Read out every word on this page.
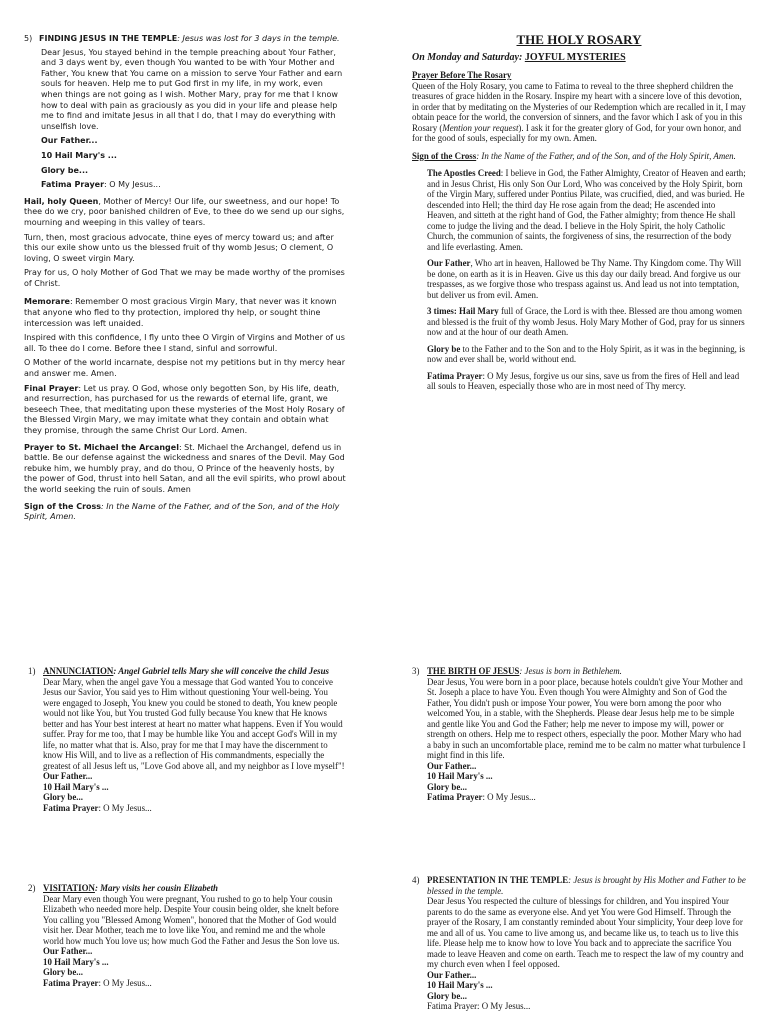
5) FINDING JESUS IN THE TEMPLE: Jesus was lost for 3 days in the temple.

Dear Jesus, You stayed behind in the temple preaching about Your Father, and 3 days went by, even though You wanted to be with Your Mother and Father, You knew that You came on a mission to serve Your Father and earn souls for heaven. Help me to put God first in my life, in my work, even when things are not going as I wish. Mother Mary, pray for me that I know how to deal with pain as graciously as you did in your life and please help me to find and imitate Jesus in all that I do, that I may do everything with unselfish love.

Our Father...

10 Hail Mary's ...

Glory be...

Fatima Prayer: O My Jesus...

Hail, holy Queen, Mother of Mercy! Our life, our sweetness, and our hope! To thee do we cry, poor banished children of Eve, to thee do we send up our sighs, mourning and weeping in this valley of tears.

Turn, then, most gracious advocate, thine eyes of mercy toward us; and after this our exile show unto us the blessed fruit of thy womb Jesus; O clement, O loving, O sweet virgin Mary.

Pray for us, O holy Mother of God That we may be made worthy of the promises of Christ.

Memorare: Remember O most gracious Virgin Mary, that never was it known that anyone who fled to thy protection, implored thy help, or sought thine intercession was left unaided.

Inspired with this confidence, I fly unto thee O Virgin of Virgins and Mother of us all. To thee do I come. Before thee I stand, sinful and sorrowful.

O Mother of the world incarnate, despise not my petitions but in thy mercy hear and answer me. Amen.

Final Prayer: Let us pray. O God, whose only begotten Son, by His life, death, and resurrection, has purchased for us the rewards of eternal life, grant, we beseech Thee, that meditating upon these mysteries of the Most Holy Rosary of the Blessed Virgin Mary, we may imitate what they contain and obtain what they promise, through the same Christ Our Lord. Amen.

Prayer to St. Michael the Arcangel: St. Michael the Archangel, defend us in battle. Be our defense against the wickedness and snares of the Devil. May God rebuke him, we humbly pray, and do thou, O Prince of the heavenly hosts, by the power of God, thrust into hell Satan, and all the evil spirits, who prowl about the world seeking the ruin of souls. Amen

Sign of the Cross: In the Name of the Father, and of the Son, and of the Holy Spirit, Amen.

THE HOLY ROSARY
On Monday and Saturday: JOYFUL MYSTERIES

Prayer Before The Rosary

Queen of the Holy Rosary, you came to Fatima to reveal to the three shepherd children the treasures of grace hidden in the Rosary. Inspire my heart with a sincere love of this devotion, in order that by meditating on the Mysteries of our Redemption which are recalled in it, I may obtain peace for the world, the conversion of sinners, and the favor which I ask of you in this Rosary (Mention your request). I ask it for the greater glory of God, for your own honor, and for the good of souls, especially for my own. Amen.

Sign of the Cross: In the Name of the Father, and of the Son, and of the Holy Spirit, Amen.

The Apostles Creed: I believe in God, the Father Almighty, Creator of Heaven and earth; and in Jesus Christ, His only Son Our Lord, Who was conceived by the Holy Spirit, born of the Virgin Mary, suffered under Pontius Pilate, was crucified, died, and was buried. He descended into Hell; the third day He rose again from the dead; He ascended into Heaven, and sitteth at the right hand of God, the Father almighty; from thence He shall come to judge the living and the dead. I believe in the Holy Spirit, the holy Catholic Church, the communion of saints, the forgiveness of sins, the resurrection of the body and life everlasting. Amen.

Our Father, Who art in heaven, Hallowed be Thy Name. Thy Kingdom come. Thy Will be done, on earth as it is in Heaven. Give us this day our daily bread. And forgive us our trespasses, as we forgive those who trespass against us. And lead us not into temptation, but deliver us from evil. Amen.

3 times: Hail Mary full of Grace, the Lord is with thee. Blessed are thou among women and blessed is the fruit of thy womb Jesus. Holy Mary Mother of God, pray for us sinners now and at the hour of our death Amen.

Glory be to the Father and to the Son and to the Holy Spirit, as it was in the beginning, is now and ever shall be, world without end.

Fatima Prayer: O My Jesus, forgive us our sins, save us from the fires of Hell and lead all souls to Heaven, especially those who are in most need of Thy mercy.

1) ANNUNCIATION: Angel Gabriel tells Mary she will conceive the child Jesus

Dear Mary, when the angel gave You a message that God wanted You to conceive Jesus our Savior, You said yes to Him without questioning Your well-being. You were engaged to Joseph, You knew you could be stoned to death, You knew people would not like You, but You trusted God fully because You knew that He knows better and has Your best interest at heart no matter what happens. Even if You would suffer. Pray for me too, that I may be humble like You and accept God's Will in my life, no matter what that is. Also, pray for me that I may have the discernment to know His Will, and to live as a reflection of His commandments, especially the greatest of all Jesus left us, "Love God above all, and my neighbor as I love myself"!

Our Father...

10 Hail Mary's ...

Glory be...

Fatima Prayer: O My Jesus...

2) VISITATION: Mary visits her cousin Elizabeth

Dear Mary even though You were pregnant, You rushed to go to help Your cousin Elizabeth who needed more help. Despite Your cousin being older, she knelt before You calling you "Blessed Among Women", honored that the Mother of God would visit her. Dear Mother, teach me to love like You, and remind me and the whole world how much You love us; how much God the Father and Jesus the Son love us.

Our Father...

10 Hail Mary's ...

Glory be...

Fatima Prayer: O My Jesus...

3) THE BIRTH OF JESUS: Jesus is born in Bethlehem.

Dear Jesus, You were born in a poor place, because hotels couldn't give Your Mother and St. Joseph a place to have You. Even though You were Almighty and Son of God the Father, You didn't push or impose Your power, You were born among the poor who welcomed You, in a stable, with the Shepherds. Please dear Jesus help me to be simple and gentle like You and God the Father; help me never to impose my will, power or strength on others. Help me to respect others, especially the poor. Mother Mary who had a baby in such an uncomfortable place, remind me to be calm no matter what turbulence I might find in this life.

Our Father...

10 Hail Mary's ...

Glory be...

Fatima Prayer: O My Jesus...

4) PRESENTATION IN THE TEMPLE: Jesus is brought by His Mother and Father to be blessed in the temple.

Dear Jesus You respected the culture of blessings for children, and You inspired Your parents to do the same as everyone else. And yet You were God Himself. Through the prayer of the Rosary, I am constantly reminded about Your simplicity, Your deep love for me and all of us. You came to live among us, and became like us, to teach us to live this life. Please help me to know how to love You back and to appreciate the sacrifice You made to leave Heaven and come on earth. Teach me to respect the law of my country and my church even when I feel opposed.

Our Father...

10 Hail Mary's ...

Glory be...

Fatima Prayer: O My Jesus...
